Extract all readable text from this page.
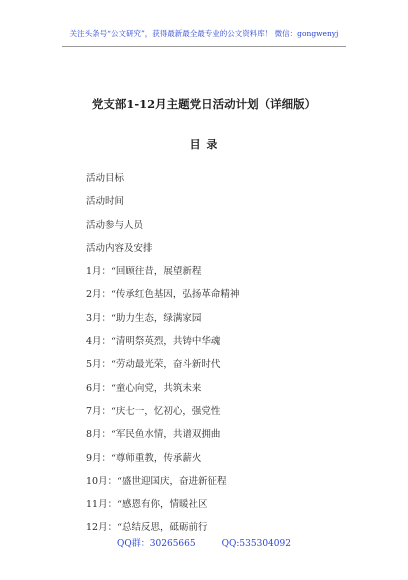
关注头条号“公文研究”，获得最新最全最专业的公文资料库！ 微信：gongwenyj
党支部1-12月主题党日活动计划（详细版）
目 录
活动目标
活动时间
活动参与人员
活动内容及安排
1月：“回顾往昔，展望新程
2月：“传承红色基因，弘扬革命精神
3月：“助力生态，绿满家园
4月：“清明祭英烈，共铸中华魂
5月：“劳动最光荣，奋斗新时代
6月：“童心向党，共筑未来
7月：“庆七一，忆初心，强党性
8月：“军民鱼水情，共谱双拥曲
9月：“尊师重教，传承薪火
10月：“盛世迎国庆，奋进新征程
11月：“感恩有你，情暖社区
12月：“总结反思，砥砺前行
QQ群：30265665	QQ:535304092
